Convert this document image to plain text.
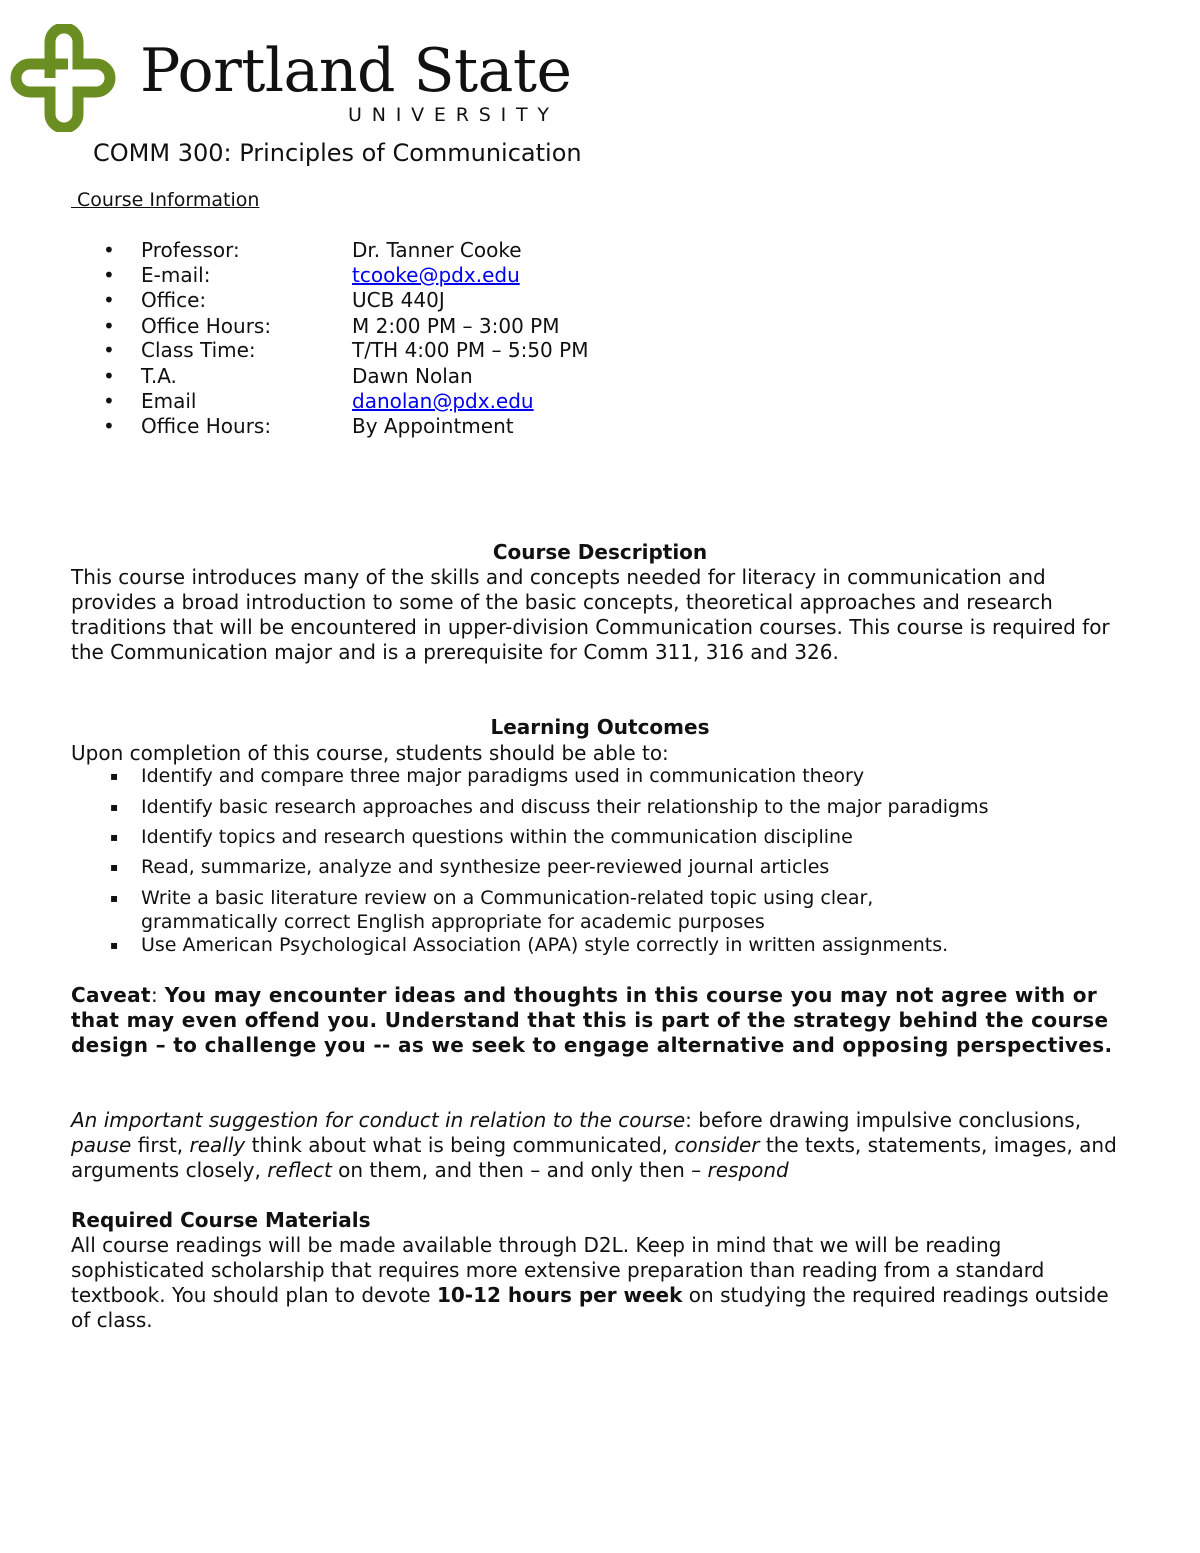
Portland State
UNIVERSITY
COMM 300: Principles of Communication
Course Information
• Professor:	Dr. Tanner Cooke
• E-mail:	tcooke@pdx.edu
• Office:	UCB 440J
• Office Hours:	M 2:00 PM – 3:00 PM
• Class Time:	T/TH 4:00 PM – 5:50 PM
• T.A.	Dawn Nolan
• Email	danolan@pdx.edu
• Office Hours:	By Appointment
Course Description
This course introduces many of the skills and concepts needed for literacy in communication and provides a broad introduction to some of the basic concepts, theoretical approaches and research traditions that will be encountered in upper-division Communication courses. This course is required for the Communication major and is a prerequisite for Comm 311, 316 and 326.
Learning Outcomes
Upon completion of this course, students should be able to:
▪ Identify and compare three major paradigms used in communication theory
▪ Identify basic research approaches and discuss their relationship to the major paradigms
▪ Identify topics and research questions within the communication discipline
▪ Read, summarize, analyze and synthesize peer-reviewed journal articles
▪ Write a basic literature review on a Communication-related topic using clear,
grammatically correct English appropriate for academic purposes
▪ Use American Psychological Association (APA) style correctly in written assignments.
Caveat: You may encounter ideas and thoughts in this course you may not agree with or that may even offend you. Understand that this is part of the strategy behind the course design – to challenge you -- as we seek to engage alternative and opposing perspectives.
An important suggestion for conduct in relation to the course: before drawing impulsive conclusions, pause first, really think about what is being communicated, consider the texts, statements, images, and arguments closely, reflect on them, and then – and only then – respond
Required Course Materials
All course readings will be made available through D2L. Keep in mind that we will be reading sophisticated scholarship that requires more extensive preparation than reading from a standard textbook. You should plan to devote 10-12 hours per week on studying the required readings outside of class.
